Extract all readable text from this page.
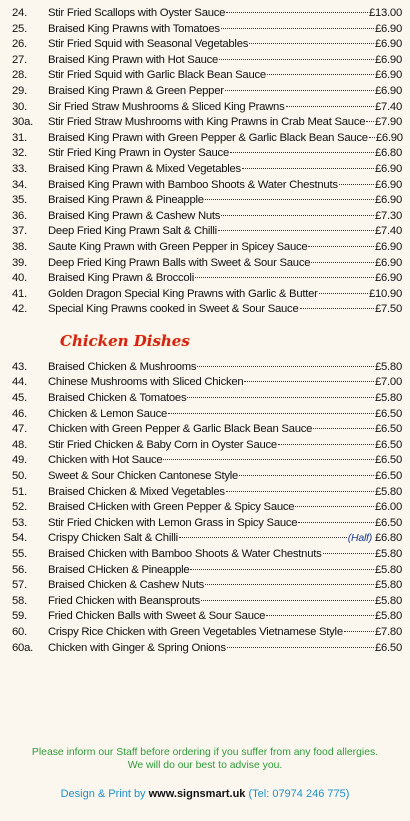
24.	Stir Fried Scallops with Oyster Sauce	£13.00
25.	Braised King Prawns with Tomatoes	£6.90
26.	Stir Fried Squid with Seasonal Vegetables	£6.90
27.	Braised King Prawn with Hot Sauce	£6.90
28.	Stir Fried Squid with Garlic Black Bean Sauce	£6.90
29.	Braised King Prawn & Green Pepper	£6.90
30.	Sir Fried Straw Mushrooms & Sliced King Prawns	£7.40
30a.	Stir Fried Straw Mushrooms with King Prawns in Crab Meat Sauce £7.90
31.	Braised King Prawn with Green Pepper & Garlic Black Bean Sauce £6.90
32.	Stir Fried King Prawn in Oyster Sauce	£6.80
33.	Braised King Prawn & Mixed Vegetables	£6.90
34.	Braised King Prawn with Bamboo Shoots & Water Chestnuts	£6.90
35.	Braised King Prawn & Pineapple	£6.90
36.	Braised King Prawn & Cashew Nuts	£7.30
37.	Deep Fried King Prawn Salt & Chilli	£7.40
38.	Saute King Prawn with Green Pepper in Spicey Sauce	£6.90
39.	Deep Fried King Prawn Balls with Sweet & Sour Sauce	£6.90
40.	Braised King Prawn & Broccoli	£6.90
41.	Golden Dragon Special King Prawns with Garlic & Butter	£10.90
42.	Special King Prawns cooked in Sweet & Sour Sauce	£7.50
Chicken Dishes
43.	Braised Chicken & Mushrooms	£5.80
44.	Chinese Mushrooms with Sliced Chicken	£7.00
45.	Braised Chicken & Tomatoes	£5.80
46.	Chicken & Lemon Sauce	£6.50
47.	Chicken with Green Pepper & Garlic Black Bean Sauce	£6.50
48.	Stir Fried Chicken & Baby Corn in Oyster Sauce	£6.50
49.	Chicken with Hot Sauce	£6.50
50.	Sweet & Sour Chicken Cantonese Style	£6.50
51.	Braised Chicken & Mixed Vegetables	£5.80
52.	Braised CHicken with Green Pepper & Spicy Sauce	£6.00
53.	Stir Fried Chicken with Lemon Grass in Spicy Sauce	£6.50
54.	Crispy Chicken Salt & Chilli	(Half) £6.80
55.	Braised Chicken with Bamboo Shoots & Water Chestnuts	£5.80
56.	Braised CHicken & Pineapple	£5.80
57.	Braised Chicken & Cashew Nuts	£5.80
58.	Fried Chicken with Beansprouts	£5.80
59.	Fried Chicken Balls with Sweet & Sour Sauce	£5.80
60.	Crispy Rice Chicken with Green Vegetables Vietnamese Style	£7.80
60a.	Chicken with Ginger & Spring Onions	£6.50
Please inform our Staff before ordering if you suffer from any food allergies.
We will do our best to advise you.
Design & Print by www.signsmart.uk (Tel: 07974 246 775)
